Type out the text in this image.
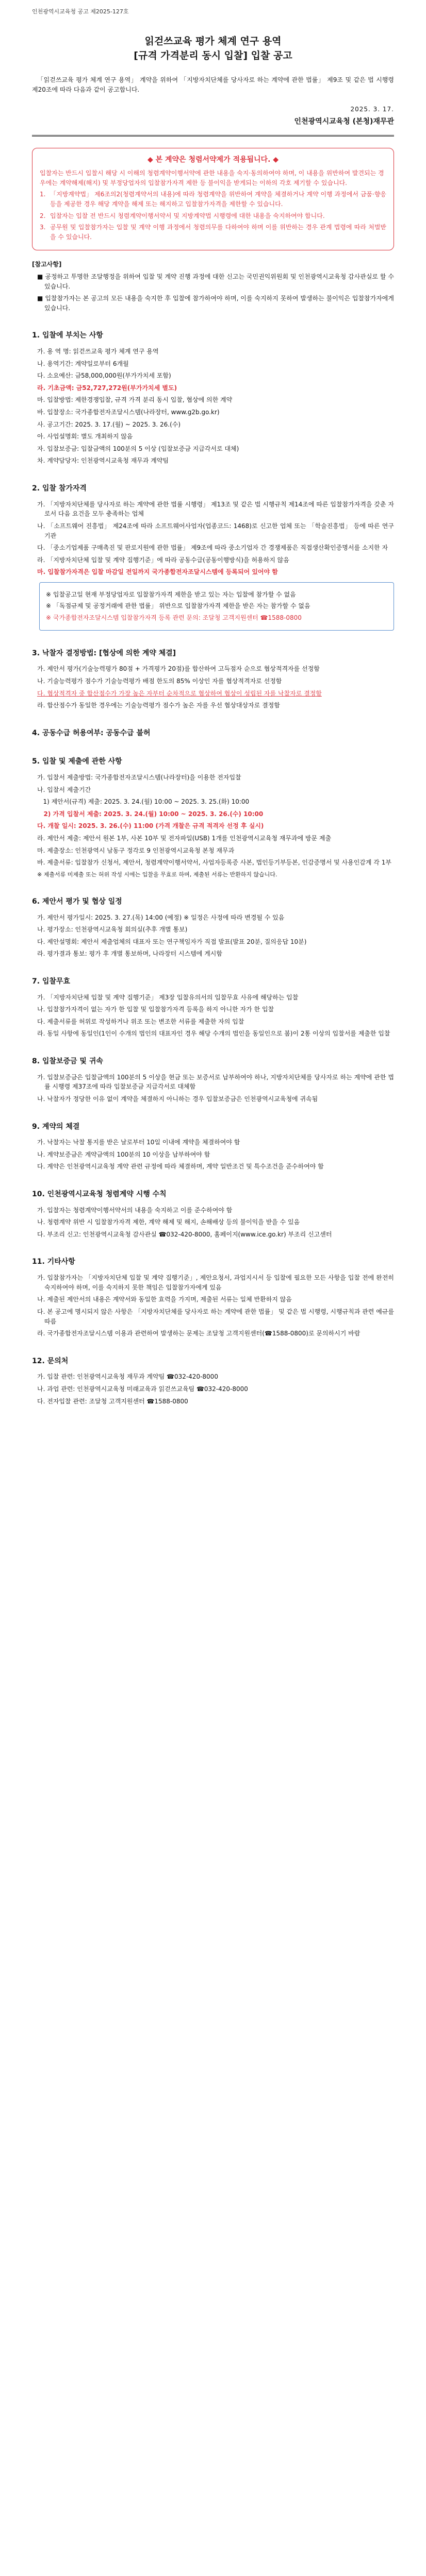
인천광역시교육청 공고 제2025-127호
읽걷쓰교육 평가 체계 연구 용역
[규격 가격분리 동시 입찰] 입찰 공고

「읽걷쓰교육 평가 체계 연구 용역」 계약을 위하여 「지방자치단체를 당사자로 하는 계약에 관한 법률」 제9조 및 같은 법 시행령 제20조에 따라 다음과 같이 공고합니다.

2025. 3. 17.
인천광역시교육청 (본청)재무관
◆ 본 계약은 청렴서약제가 적용됩니다. ◆

입찰자는 반드시 입찰시 해당 시 이해의 청렴계약이행서약에 관한 내용을 숙지·동의하여야 하며, 이 내용을 위반하여 발견되는 경우에는 계약해제(해지) 및 부정당업자의 입찰참가자격 제한 등 불이익을 받게되는 이하의 각호 제기할 수 있습니다.

1. 「지방계약법」 제6조의2(청렴계약서의 내용)에 따라 청렴계약을 위반하여 계약을 체결하거나 계약 이행 과정에서 금품·향응 등을 제공한 경우 해당 계약을 해제 또는 해지하고 입찰참가자격을 제한할 수 있습니다.
2. 입찰자는 입찰 전 반드시 청렴계약이행서약서 및 지방계약법 시행령에 대한 내용을 숙지하여야 합니다.
3. 공무원 및 입찰참가자는 입찰 및 계약 이행 과정에서 청렴의무를 다하여야 하며 이를 위반하는 경우 관계 법령에 따라 처벌받을 수 있습니다.
[참고사항]

■ 공정하고 투명한 조달행정을 위하여 입찰 및 계약 진행 과정에 대한 신고는 국민권익위원회 및 인천광역시교육청 감사관실로 할 수 있습니다.

■ 입찰참가자는 본 공고의 모든 내용을 숙지한 후 입찰에 참가하여야 하며, 이를 숙지하지 못하여 발생하는 불이익은 입찰참가자에게 있습니다.

1. 입찰에 부치는 사항

가. 용 역 명: 읽걷쓰교육 평가 체계 연구 용역

나. 용역기간: 계약일로부터 6개월

다. 소요예산: 금58,000,000원(부가가치세 포함)

라. 기초금액: 금52,727,272원(부가가치세 별도)

마. 입찰방법: 제한경쟁입찰, 규격 가격 분리 동시 입찰, 협상에 의한 계약

바. 입찰장소: 국가종합전자조달시스템(나라장터, www.g2b.go.kr)

사. 공고기간: 2025. 3. 17.(월) ~ 2025. 3. 26.(수)

아. 사업설명회: 별도 개최하지 않음

자. 입찰보증금: 입찰금액의 100분의 5 이상 (입찰보증금 지급각서로 대체)

차. 계약담당자: 인천광역시교육청 재무과 계약팀

2. 입찰 참가자격

가. 「지방자치단체를 당사자로 하는 계약에 관한 법률 시행령」 제13조 및 같은 법 시행규칙 제14조에 따른 입찰참가자격을 갖춘 자로서 다음 요건을 모두 충족하는 업체

나. 「소프트웨어 진흥법」 제24조에 따라 소프트웨어사업자(업종코드: 1468)로 신고한 업체 또는 「학술진흥법」 등에 따른 연구기관

다. 「중소기업제품 구매촉진 및 판로지원에 관한 법률」 제9조에 따라 중소기업자 간 경쟁제품은 직접생산확인증명서를 소지한 자

라. 「지방자치단체 입찰 및 계약 집행기준」에 따라 공동수급(공동이행방식)을 허용하지 않음

마. 입찰참가자격은 입찰 마감일 전일까지 국가종합전자조달시스템에 등록되어 있어야 함

※ 입찰공고일 현재 부정당업자로 입찰참가자격 제한을 받고 있는 자는 입찰에 참가할 수 없음

※ 「독점규제 및 공정거래에 관한 법률」 위반으로 입찰참가자격 제한을 받은 자는 참가할 수 없음

※ 국가종합전자조달시스템 입찰참가자격 등록 관련 문의: 조달청 고객지원센터 ☎1588-0800

3. 낙찰자 결정방법: [협상에 의한 계약 체결]

가. 제안서 평가(기술능력평가 80점 + 가격평가 20점)를 합산하여 고득점자 순으로 협상적격자를 선정함

나. 기술능력평가 점수가 기술능력평가 배점 한도의 85% 이상인 자를 협상적격자로 선정함

다. 협상적격자 중 합산점수가 가장 높은 자부터 순차적으로 협상하여 협상이 성립된 자를 낙찰자로 결정함

라. 합산점수가 동일한 경우에는 기술능력평가 점수가 높은 자를 우선 협상대상자로 결정함

4. 공동수급 허용여부: 공동수급 불허
5. 입찰 및 제출에 관한 사항

가. 입찰서 제출방법: 국가종합전자조달시스템(나라장터)을 이용한 전자입찰

나. 입찰서 제출기간

1) 제안서(규격) 제출: 2025. 3. 24.(월) 10:00 ~ 2025. 3. 25.(화) 10:00

2) 가격 입찰서 제출: 2025. 3. 24.(월) 10:00 ~ 2025. 3. 26.(수) 10:00

다. 개찰 일시: 2025. 3. 26.(수) 11:00 (가격 개찰은 규격 적격자 선정 후 실시)

라. 제안서 제출: 제안서 원본 1부, 사본 10부 및 전자파일(USB) 1개를 인천광역시교육청 재무과에 방문 제출

마. 제출장소: 인천광역시 남동구 정각로 9 인천광역시교육청 본청 재무과

바. 제출서류: 입찰참가 신청서, 제안서, 청렴계약이행서약서, 사업자등록증 사본, 법인등기부등본, 인감증명서 및 사용인감계 각 1부

※ 제출서류 미제출 또는 허위 작성 시에는 입찰을 무효로 하며, 제출된 서류는 반환하지 않습니다.

6. 제안서 평가 및 협상 일정

가. 제안서 평가일시: 2025. 3. 27.(목) 14:00 (예정) ※ 일정은 사정에 따라 변경될 수 있음

나. 평가장소: 인천광역시교육청 회의실(추후 개별 통보)

다. 제안설명회: 제안서 제출업체의 대표자 또는 연구책임자가 직접 발표(발표 20분, 질의응답 10분)

라. 평가결과 통보: 평가 후 개별 통보하며, 나라장터 시스템에 게시함

7. 입찰무효

가. 「지방자치단체 입찰 및 계약 집행기준」 제3장 입찰유의서의 입찰무효 사유에 해당하는 입찰

나. 입찰참가자격이 없는 자가 한 입찰 및 입찰참가자격 등록을 하지 아니한 자가 한 입찰

다. 제출서류를 허위로 작성하거나 위조 또는 변조한 서류를 제출한 자의 입찰

라. 동일 사항에 동일인(1인이 수개의 법인의 대표자인 경우 해당 수개의 법인을 동일인으로 봄)이 2통 이상의 입찰서를 제출한 입찰

8. 입찰보증금 및 귀속

가. 입찰보증금은 입찰금액의 100분의 5 이상을 현금 또는 보증서로 납부하여야 하나, 지방자치단체를 당사자로 하는 계약에 관한 법률 시행령 제37조에 따라 입찰보증금 지급각서로 대체함

나. 낙찰자가 정당한 이유 없이 계약을 체결하지 아니하는 경우 입찰보증금은 인천광역시교육청에 귀속됨

9. 계약의 체결

가. 낙찰자는 낙찰 통지를 받은 날로부터 10일 이내에 계약을 체결하여야 함

나. 계약보증금은 계약금액의 100분의 10 이상을 납부하여야 함

다. 계약은 인천광역시교육청 계약 관련 규정에 따라 체결하며, 계약 일반조건 및 특수조건을 준수하여야 함

10. 인천광역시교육청 청렴계약 시행 수칙

가. 입찰자는 청렴계약이행서약서의 내용을 숙지하고 이를 준수하여야 함

나. 청렴계약 위반 시 입찰참가자격 제한, 계약 해제 및 해지, 손해배상 등의 불이익을 받을 수 있음

다. 부조리 신고: 인천광역시교육청 감사관실 ☎032-420-8000, 홈페이지(www.ice.go.kr) 부조리 신고센터

11. 기타사항

가. 입찰참가자는 「지방자치단체 입찰 및 계약 집행기준」, 제안요청서, 과업지시서 등 입찰에 필요한 모든 사항을 입찰 전에 완전히 숙지하여야 하며, 이를 숙지하지 못한 책임은 입찰참가자에게 있음

나. 제출된 제안서의 내용은 계약서와 동일한 효력을 가지며, 제출된 서류는 일체 반환하지 않음

다. 본 공고에 명시되지 않은 사항은 「지방자치단체를 당사자로 하는 계약에 관한 법률」 및 같은 법 시행령, 시행규칙과 관련 예규를 따름

라. 국가종합전자조달시스템 이용과 관련하여 발생하는 문제는 조달청 고객지원센터(☎1588-0800)로 문의하시기 바람

12. 문의처

가. 입찰 관련: 인천광역시교육청 재무과 계약팀 ☎032-420-8000

나. 과업 관련: 인천광역시교육청 미래교육과 읽걷쓰교육팀 ☎032-420-8000

다. 전자입찰 관련: 조달청 고객지원센터 ☎1588-0800
